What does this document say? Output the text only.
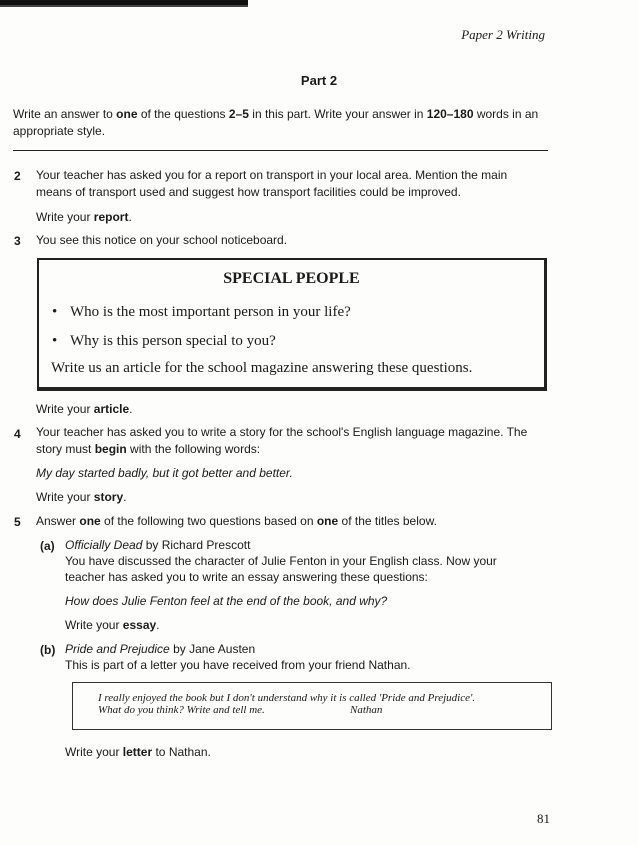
Paper 2 Writing
Part 2
Write an answer to one of the questions 2–5 in this part. Write your answer in 120–180 words in an appropriate style.
2 Your teacher has asked you for a report on transport in your local area. Mention the main
means of transport used and suggest how transport facilities could be improved.
Write your report.
3 You see this notice on your school noticeboard.
SPECIAL PEOPLE
• Who is the most important person in your life?
• Why is this person special to you?
Write us an article for the school magazine answering these questions.
Write your article.
4 Your teacher has asked you to write a story for the school's English language magazine. The
story must begin with the following words:
My day started badly, but it got better and better.
Write your story.
5 Answer one of the following two questions based on one of the titles below.
(a) Officially Dead by Richard Prescott
You have discussed the character of Julie Fenton in your English class. Now your
teacher has asked you to write an essay answering these questions:
How does Julie Fenton feel at the end of the book, and why?
Write your essay.
(b) Pride and Prejudice by Jane Austen
This is part of a letter you have received from your friend Nathan.
I really enjoyed the book but I don't understand why it is called 'Pride and Prejudice'.
What do you think? Write and tell me.	Nathan
Write your letter to Nathan.
81
